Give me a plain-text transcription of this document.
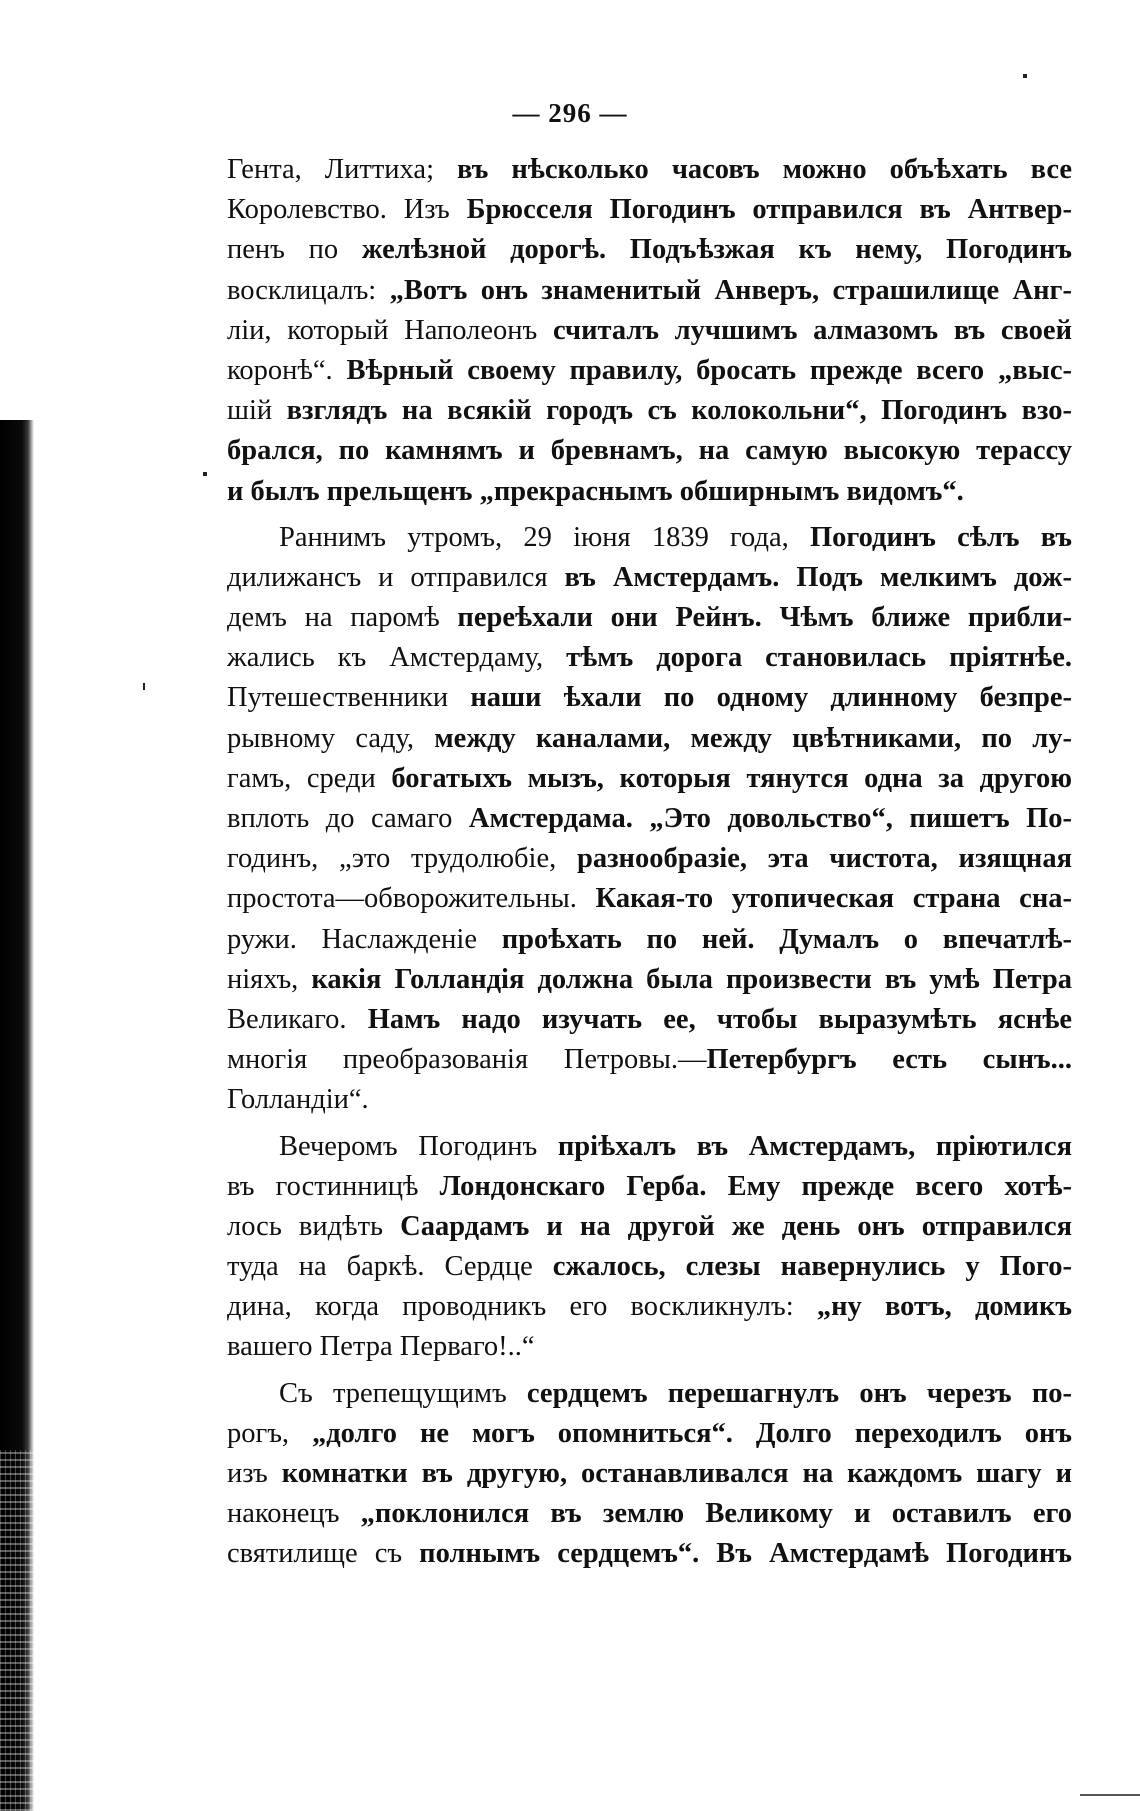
— 296 —
Гента, Литтиха; въ нѣсколько часовъ можно объѣхать все
Королевство. Изъ Брюсселя Погодинъ отправился въ Антвер-
пенъ по желѣзной дорогѣ. Подъѣзжая къ нему, Погодинъ
восклицалъ: „Вотъ онъ знаменитый Анверъ, страшилище Анг-
лiи, который Наполеонъ считалъ лучшимъ алмазомъ въ своей
коронѣ“. Вѣрный своему правилу, бросать прежде всего „выс-
шiй взглядъ на всякiй городъ съ колокольни“, Погодинъ взо-
брался, по камнямъ и бревнамъ, на самую высокую терассу
и былъ прельщенъ „прекраснымъ обширнымъ видомъ“.
Раннимъ утромъ, 29 iюня 1839 года, Погодинъ сѣлъ въ
дилижансъ и отправился въ Амстердамъ. Подъ мелкимъ дож-
демъ на паромѣ переѣхали они Рейнъ. Чѣмъ ближе прибли-
жались къ Амстердаму, тѣмъ дорога становилась прiятнѣе.
Путешественники наши ѣхали по одному длинному безпре-
рывному саду, между каналами, между цвѣтниками, по лу-
гамъ, среди богатыхъ мызъ, которыя тянутся одна за другою
вплоть до самаго Амстердама. „Это довольство“, пишетъ По-
годинъ, „это трудолюбiе, разнообразiе, эта чистота, изящная
простота—обворожительны. Какая-то утопическая страна сна-
ружи. Наслажденiе проѣхать по ней. Думалъ о впечатлѣ-
нiяхъ, какiя Голландiя должна была произвести въ умѣ Петра
Великаго. Намъ надо изучать ее, чтобы выразумѣть яснѣе
многiя преобразованiя Петровы.—Петербургъ есть сынъ...
Голландiи“.
Вечеромъ Погодинъ прiѣхалъ въ Амстердамъ, прiютился
въ гостинницѣ Лондонскаго Герба. Ему прежде всего хотѣ-
лось видѣть Саардамъ и на другой же день онъ отправился
туда на баркѣ. Сердце сжалось, слезы навернулись у Пого-
дина, когда проводникъ его воскликнулъ: „ну вотъ, домикъ
вашего Петра Перваго!..“
Съ трепещущимъ сердцемъ перешагнулъ онъ черезъ по-
рогъ, „долго не могъ опомниться“. Долго переходилъ онъ
изъ комнатки въ другую, останавливался на каждомъ шагу и
наконецъ „поклонился въ землю Великому и оставилъ его
святилище съ полнымъ сердцемъ“. Въ Амстердамѣ Погодинъ
